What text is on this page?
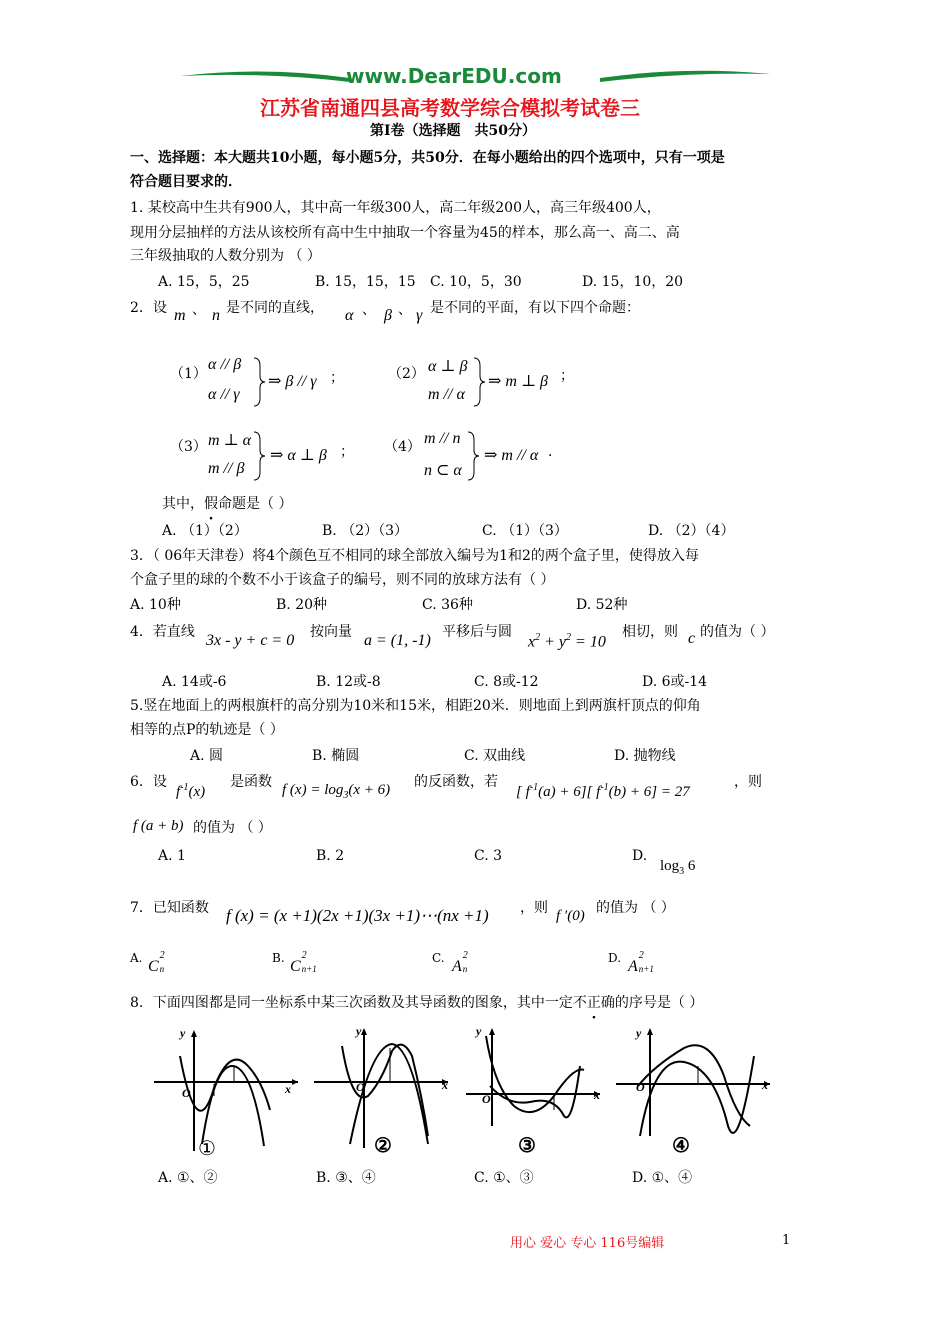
www.DearEDU.com
江苏省南通四县高考数学综合模拟考试卷三
第Ⅰ卷（选择题　共50分）
一、选择题：本大题共10小题，每小题5分，共50分．在每小题给出的四个选项中，只有一项是
符合题目要求的．
1. 某校高中生共有900人，其中高一年级300人，高二年级200人，高三年级400人，
现用分层抽样的方法从该校所有高中生中抽取一个容量为45的样本，那么高一、高二、高
三年级抽取的人数分别为 （ ）
A. 15，5，25	B. 15，15，15 C. 10，5，30	D. 15，10，20
2．设 m 、 n 是不同的直线， α 、 β 、 γ 是不同的平面，有以下四个命题：
（1）
α // β
α // γ
⇒ β // γ ；	（2） α ⊥ β
m // α
⇒ m ⊥ β ；
（3） m ⊥ α
m // β
⇒ α ⊥ β ； （4） m // n
n ⊂ α
⇒ m // α ．
其中，假命题是（ ）
A. （1）（2）	B. （2）（3）	C. （1）（3）	D. （2）（4）
3．（ 06年天津卷）将4个颜色互不相同的球全部放入编号为1和2的两个盒子里，使得放入每
个盒子里的球的个数不小于该盒子的编号，则不同的放球方法有（ ）
A. 10种	B. 20种	C. 36种	D. 52种
4．若直线 3x - y + c = 0 按向量 a = (1, -1) 平移后与圆
$x^2 + y^2 = 10$
相切，则 c 的值为（ ）
A. 14或-6	B. 12或-8	C. 8或-12	D. 6或-14
5.竖在地面上的两根旗杆的高分别为10米和15米，相距20米．则地面上到两旗杆顶点的仰角
相等的点P的轨迹是（ ）
A. 圆	B. 椭圆	C. 双曲线	D. 抛物线
6．设
$f^{-1}(x)$
是函数 f $(x) = \log_3(x + 6)$ 的反函数，若
[ $f^{-1}(a) + 6$][ $f^{-1}(b) + 6] = 27$
，则
f (a + b) 的值为 （ ）
A. 1	B. 2	C. 3	D.
$\log_3 6$
7．已知函数 f (x) = (x +1)(2x +1)(3x +1)⋯(nx +1) ，则 f ′(0) 的值为 （ ）
A. C
2
n
B. C
2
n+1
C. A
2
n
D. A
2
n+1
8．下面四图都是同一坐标系中某三次函数及其导函数的图象，其中一定不正确的序号是（ ）
y
x
O
①
y
x
O
②
y
x
O
③
y
x
O
④
A. ①、②	B. ③、④	C. ①、③	D. ①、④
用心 爱心 专心 116号编辑	1
